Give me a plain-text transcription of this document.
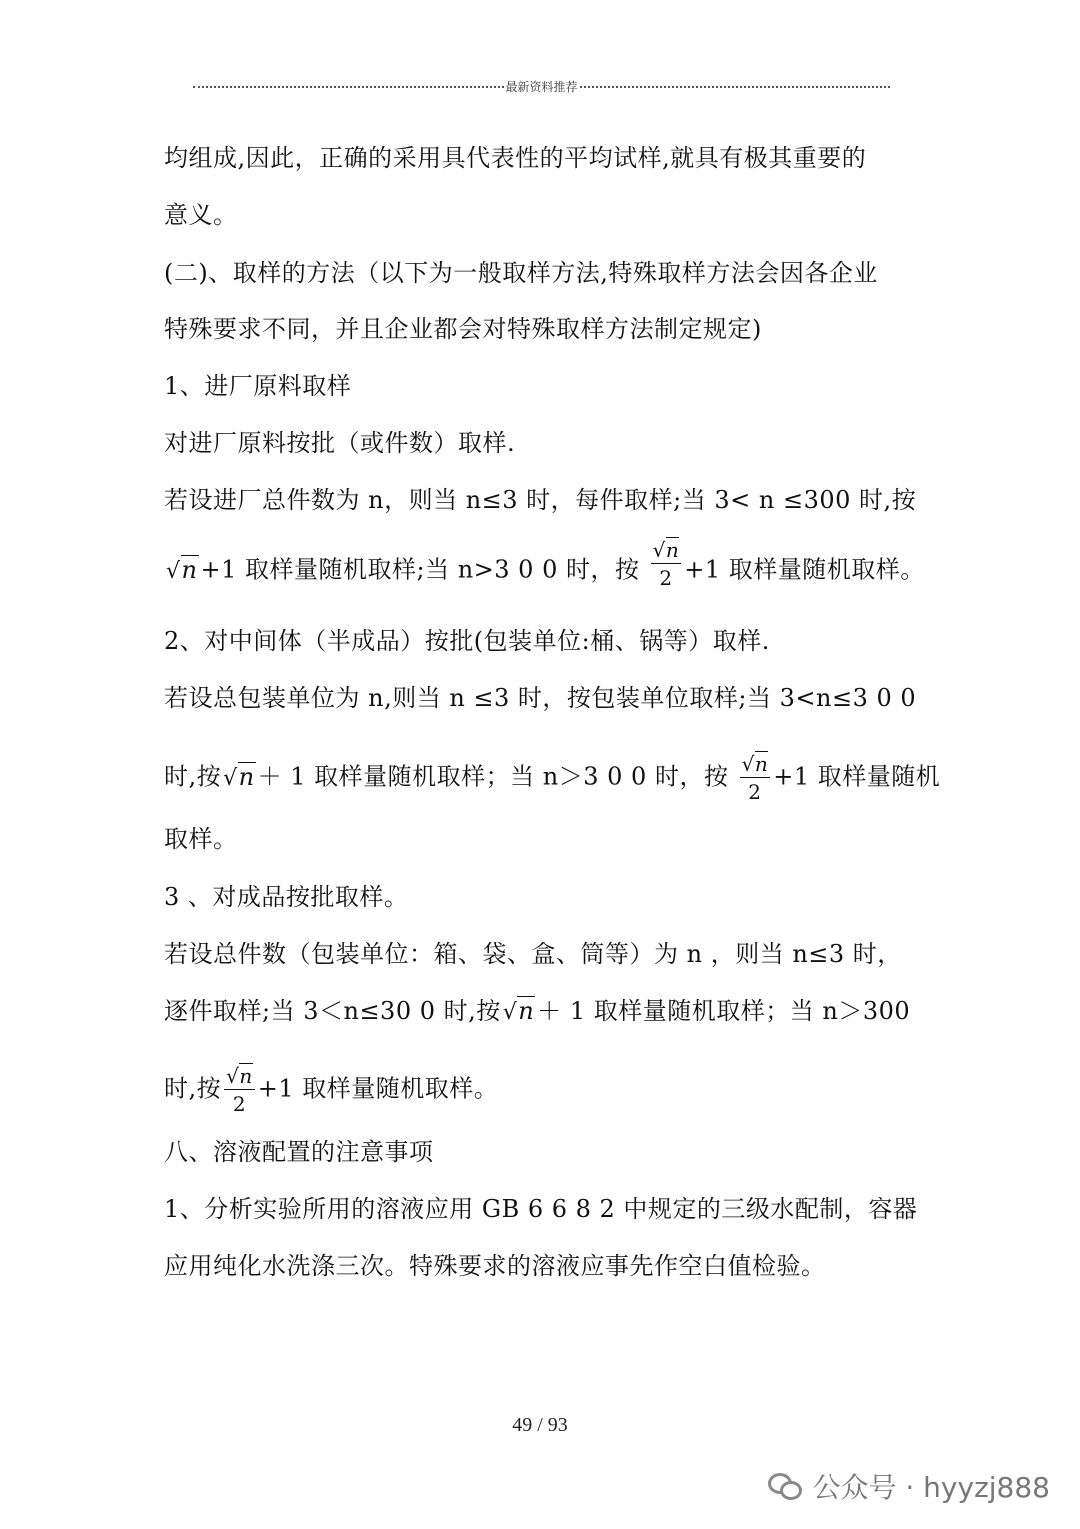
最新资料推荐
均组成,因此，正确的采用具代表性的平均试样,就具有极其重要的
意义。
(二)、取样的方法（以下为一般取样方法,特殊取样方法会因各企业
特殊要求不同，并且企业都会对特殊取样方法制定规定)
1、进厂原料取样
对进厂原料按批（或件数）取样.
若设进厂总件数为 n，则当 n≤3 时，每件取样;当 3< n ≤300 时,按
√n +1 取样量随机取样;当 n>3 0 0 时，按 $\frac{√n}{2} +1$ 取样量随机取样。
2、对中间体（半成品）按批(包装单位:桶、锅等）取样.
若设总包装单位为 n,则当 n ≤3 时，按包装单位取样;当 3<n≤3 0 0
时,按√n ＋ 1 取样量随机取样；当 n＞3 0 0 时，按 $\frac{√n}{2} +1$ 取样量随机
取样。
3 、对成品按批取样。
若设总件数（包装单位：箱、袋、盒、筒等）为 n ，则当 n≤3 时，
逐件取样;当 3＜n≤30 0 时,按√n ＋ 1 取样量随机取样；当 n＞300
时,按 $\frac{√n}{2} +1$ 取样量随机取样。
八、溶液配置的注意事项
1、分析实验所用的溶液应用 GB 6 6 8 2 中规定的三级水配制，容器
应用纯化水洗涤三次。特殊要求的溶液应事先作空白值检验。
49 / 93
公众号 · hyyzj888
